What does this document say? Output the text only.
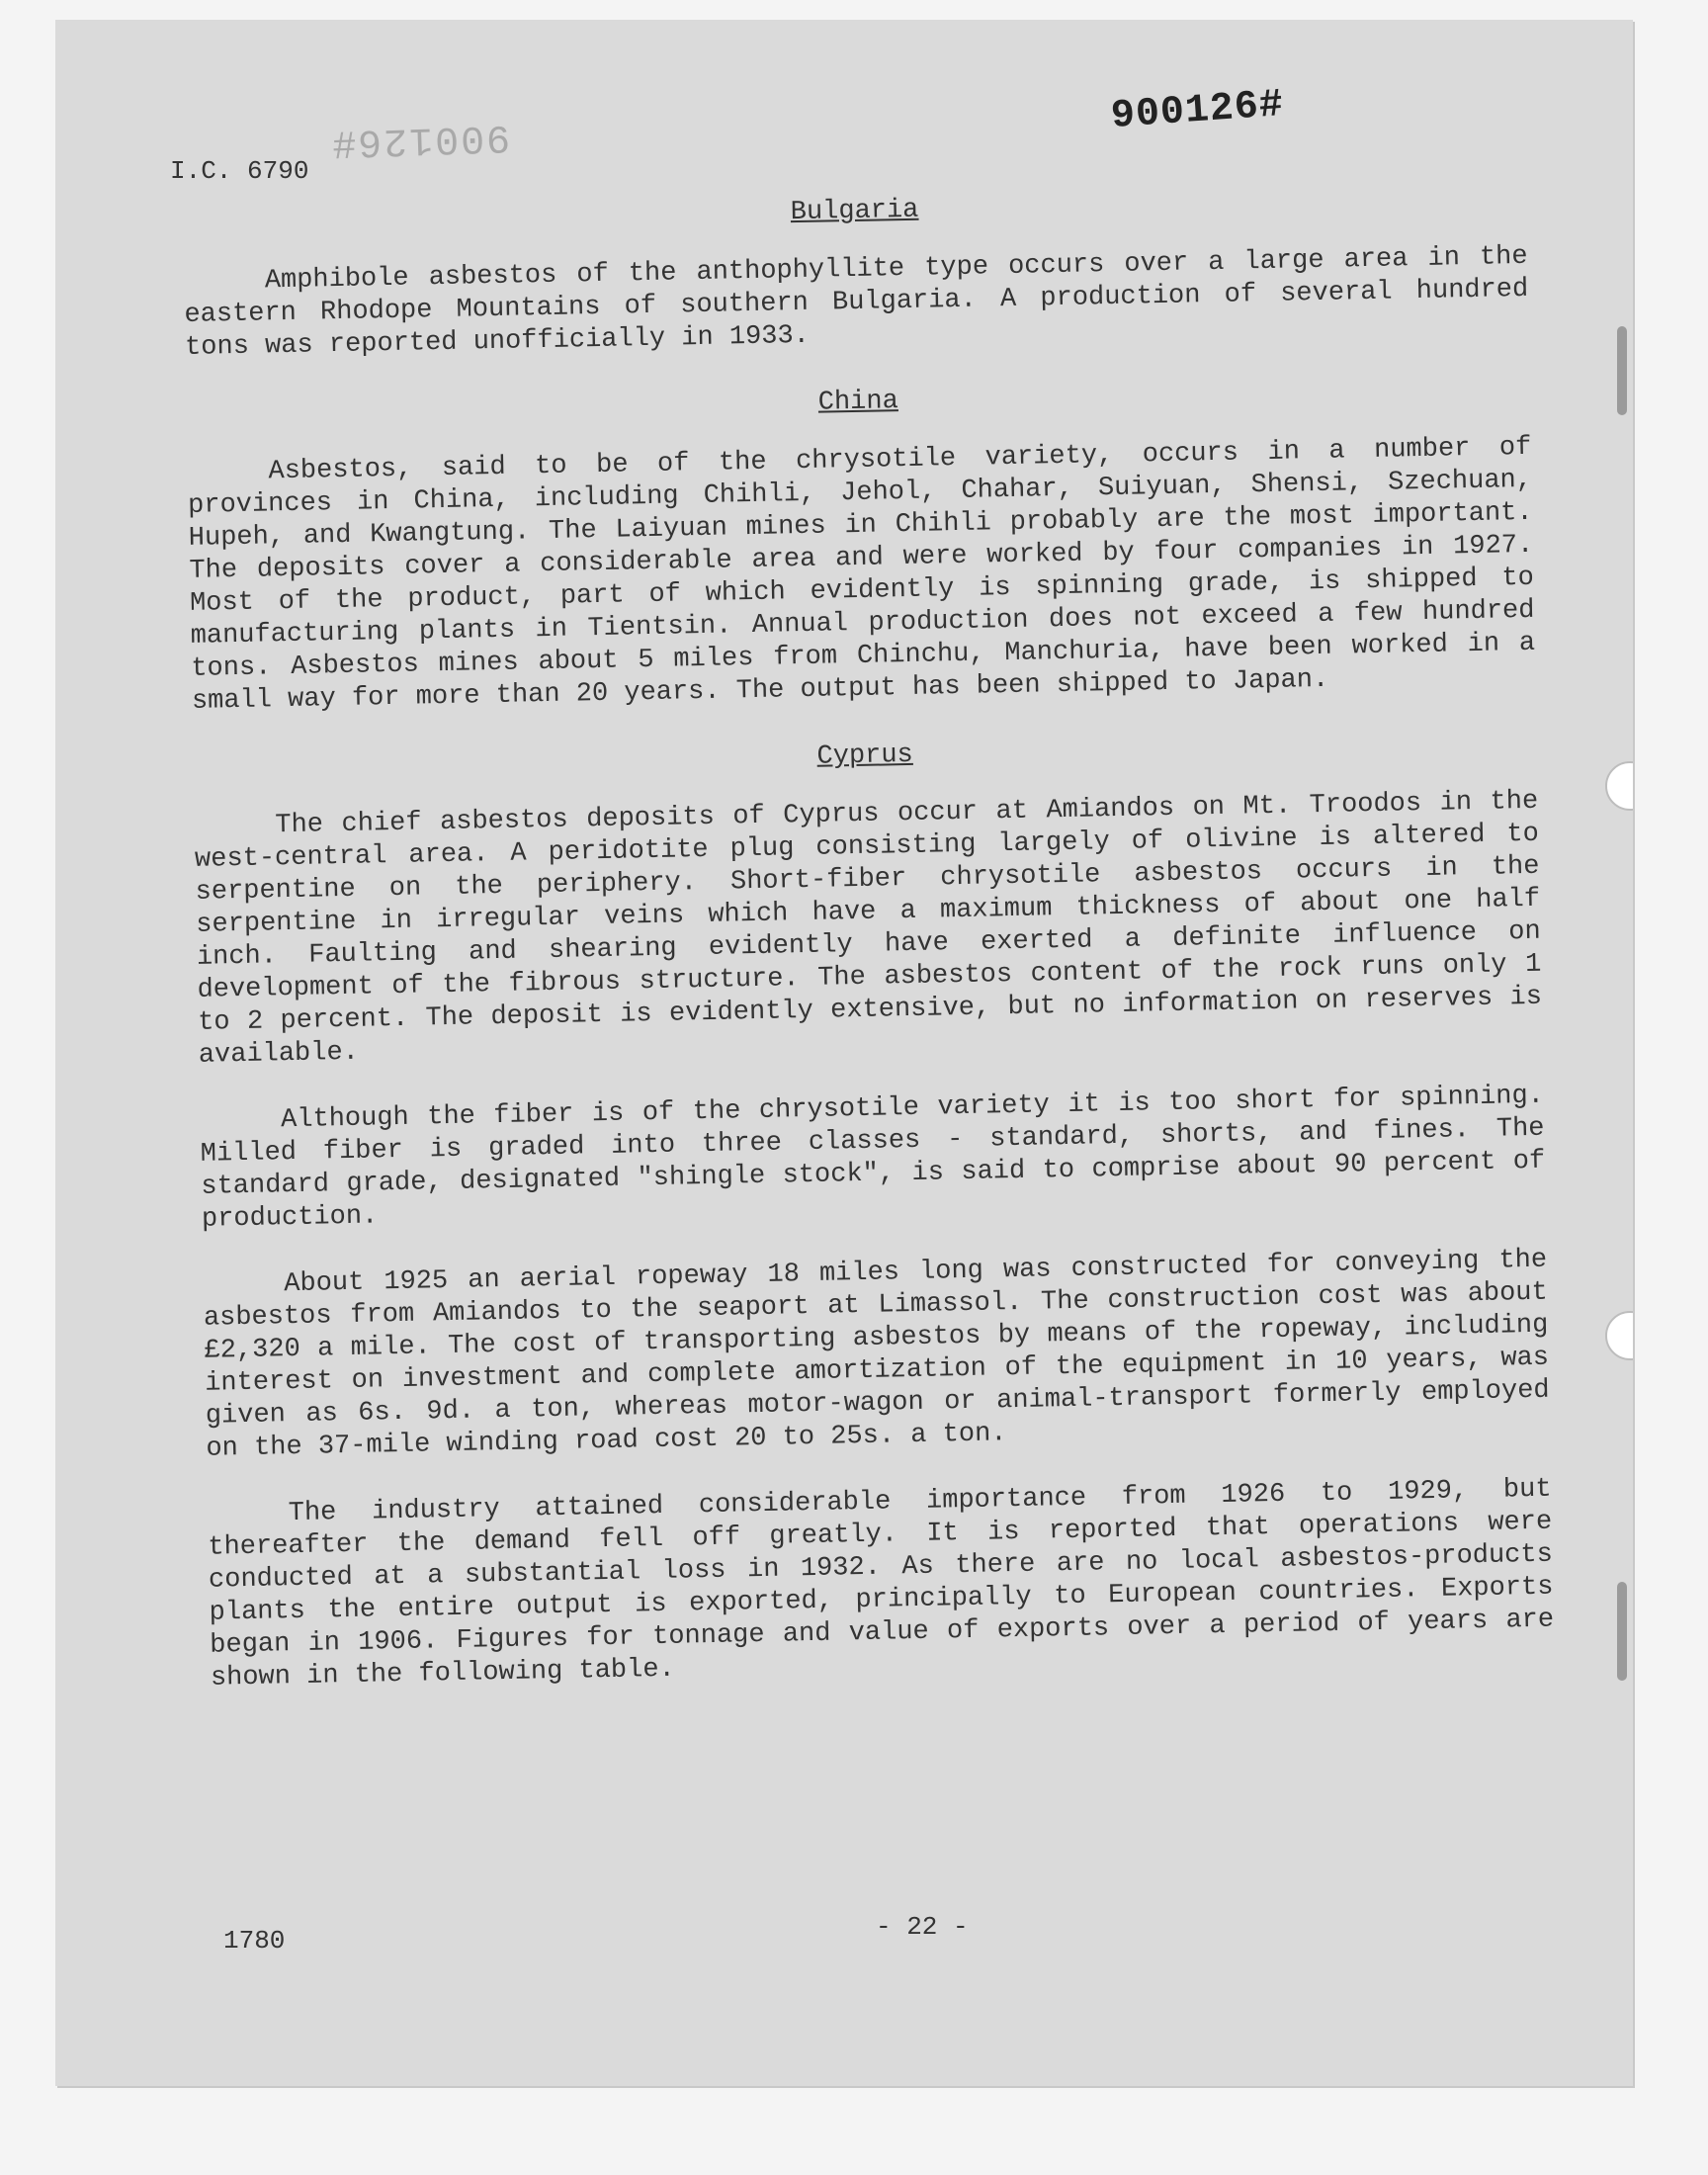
900126#	900126#
I.C. 6790
Bulgaria

Amphibole asbestos of the anthophyllite type occurs over a large area in the eastern Rhodope Mountains of southern Bulgaria. A production of several hundred tons was reported unofficially in 1933.

China

Asbestos, said to be of the chrysotile variety, occurs in a number of provinces in China, including Chihli, Jehol, Chahar, Suiyuan, Shensi, Szechuan, Hupeh, and Kwangtung. The Laiyuan mines in Chihli probably are the most important. The deposits cover a considerable area and were worked by four companies in 1927. Most of the product, part of which evidently is spinning grade, is shipped to manufacturing plants in Tientsin. Annual production does not exceed a few hundred tons. Asbestos mines about 5 miles from Chinchu, Manchuria, have been worked in a small way for more than 20 years. The output has been shipped to Japan.

Cyprus

The chief asbestos deposits of Cyprus occur at Amiandos on Mt. Troodos in the west-central area. A peridotite plug consisting largely of olivine is altered to serpentine on the periphery. Short-fiber chrysotile asbestos occurs in the serpentine in irregular veins which have a maximum thickness of about one half inch. Faulting and shearing evidently have exerted a definite influence on development of the fibrous structure. The asbestos content of the rock runs only 1 to 2 percent. The deposit is evidently extensive, but no information on reserves is available.

Although the fiber is of the chrysotile variety it is too short for spinning. Milled fiber is graded into three classes - standard, shorts, and fines. The standard grade, designated "shingle stock", is said to comprise about 90 percent of production.

About 1925 an aerial ropeway 18 miles long was constructed for conveying the asbestos from Amiandos to the seaport at Limassol. The construction cost was about £2,320 a mile. The cost of transporting asbestos by means of the ropeway, including interest on investment and complete amortization of the equipment in 10 years, was given as 6s. 9d. a ton, whereas motor-wagon or animal-transport formerly employed on the 37-mile winding road cost 20 to 25s. a ton.

The industry attained considerable importance from 1926 to 1929, but thereafter the demand fell off greatly. It is reported that operations were conducted at a substantial loss in 1932. As there are no local asbestos-products plants the entire output is exported, principally to European countries. Exports began in 1906. Figures for tonnage and value of exports over a period of years are shown in the following table.

1780	- 22 -
